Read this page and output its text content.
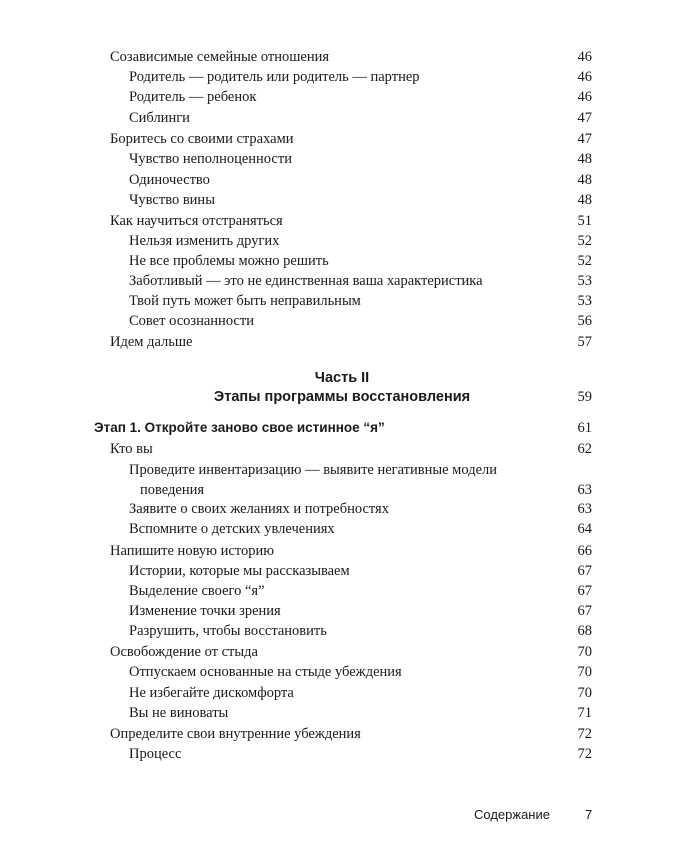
Созависимые семейные отношения	46
Родитель — родитель или родитель — партнер	46
Родитель — ребенок	46
Сиблинги	47
Боритесь со своими страхами	47
Чувство неполноценности	48
Одиночество	48
Чувство вины	48
Как научиться отстраняться	51
Нельзя изменить других	52
Не все проблемы можно решить	52
Заботливый — это не единственная ваша характеристика	53
Твой путь может быть неправильным	53
Совет осознанности	56
Идем дальше	57
Часть II
Этапы программы восстановления	59
Этап 1. Откройте заново свое истинное “я”	61
Кто вы	62
Проведите инвентаризацию — выявите негативные модели
поведения	63
Заявите о своих желаниях и потребностях	63
Вспомните о детских увлечениях	64
Напишите новую историю	66
Истории, которые мы рассказываем	67
Выделение своего “я”	67
Изменение точки зрения	67
Разрушить, чтобы восстановить	68
Освобождение от стыда	70
Отпускаем основанные на стыде убеждения	70
Не избегайте дискомфорта	70
Вы не виноваты	71
Определите свои внутренние убеждения	72
Процесс	72
Содержание	7
